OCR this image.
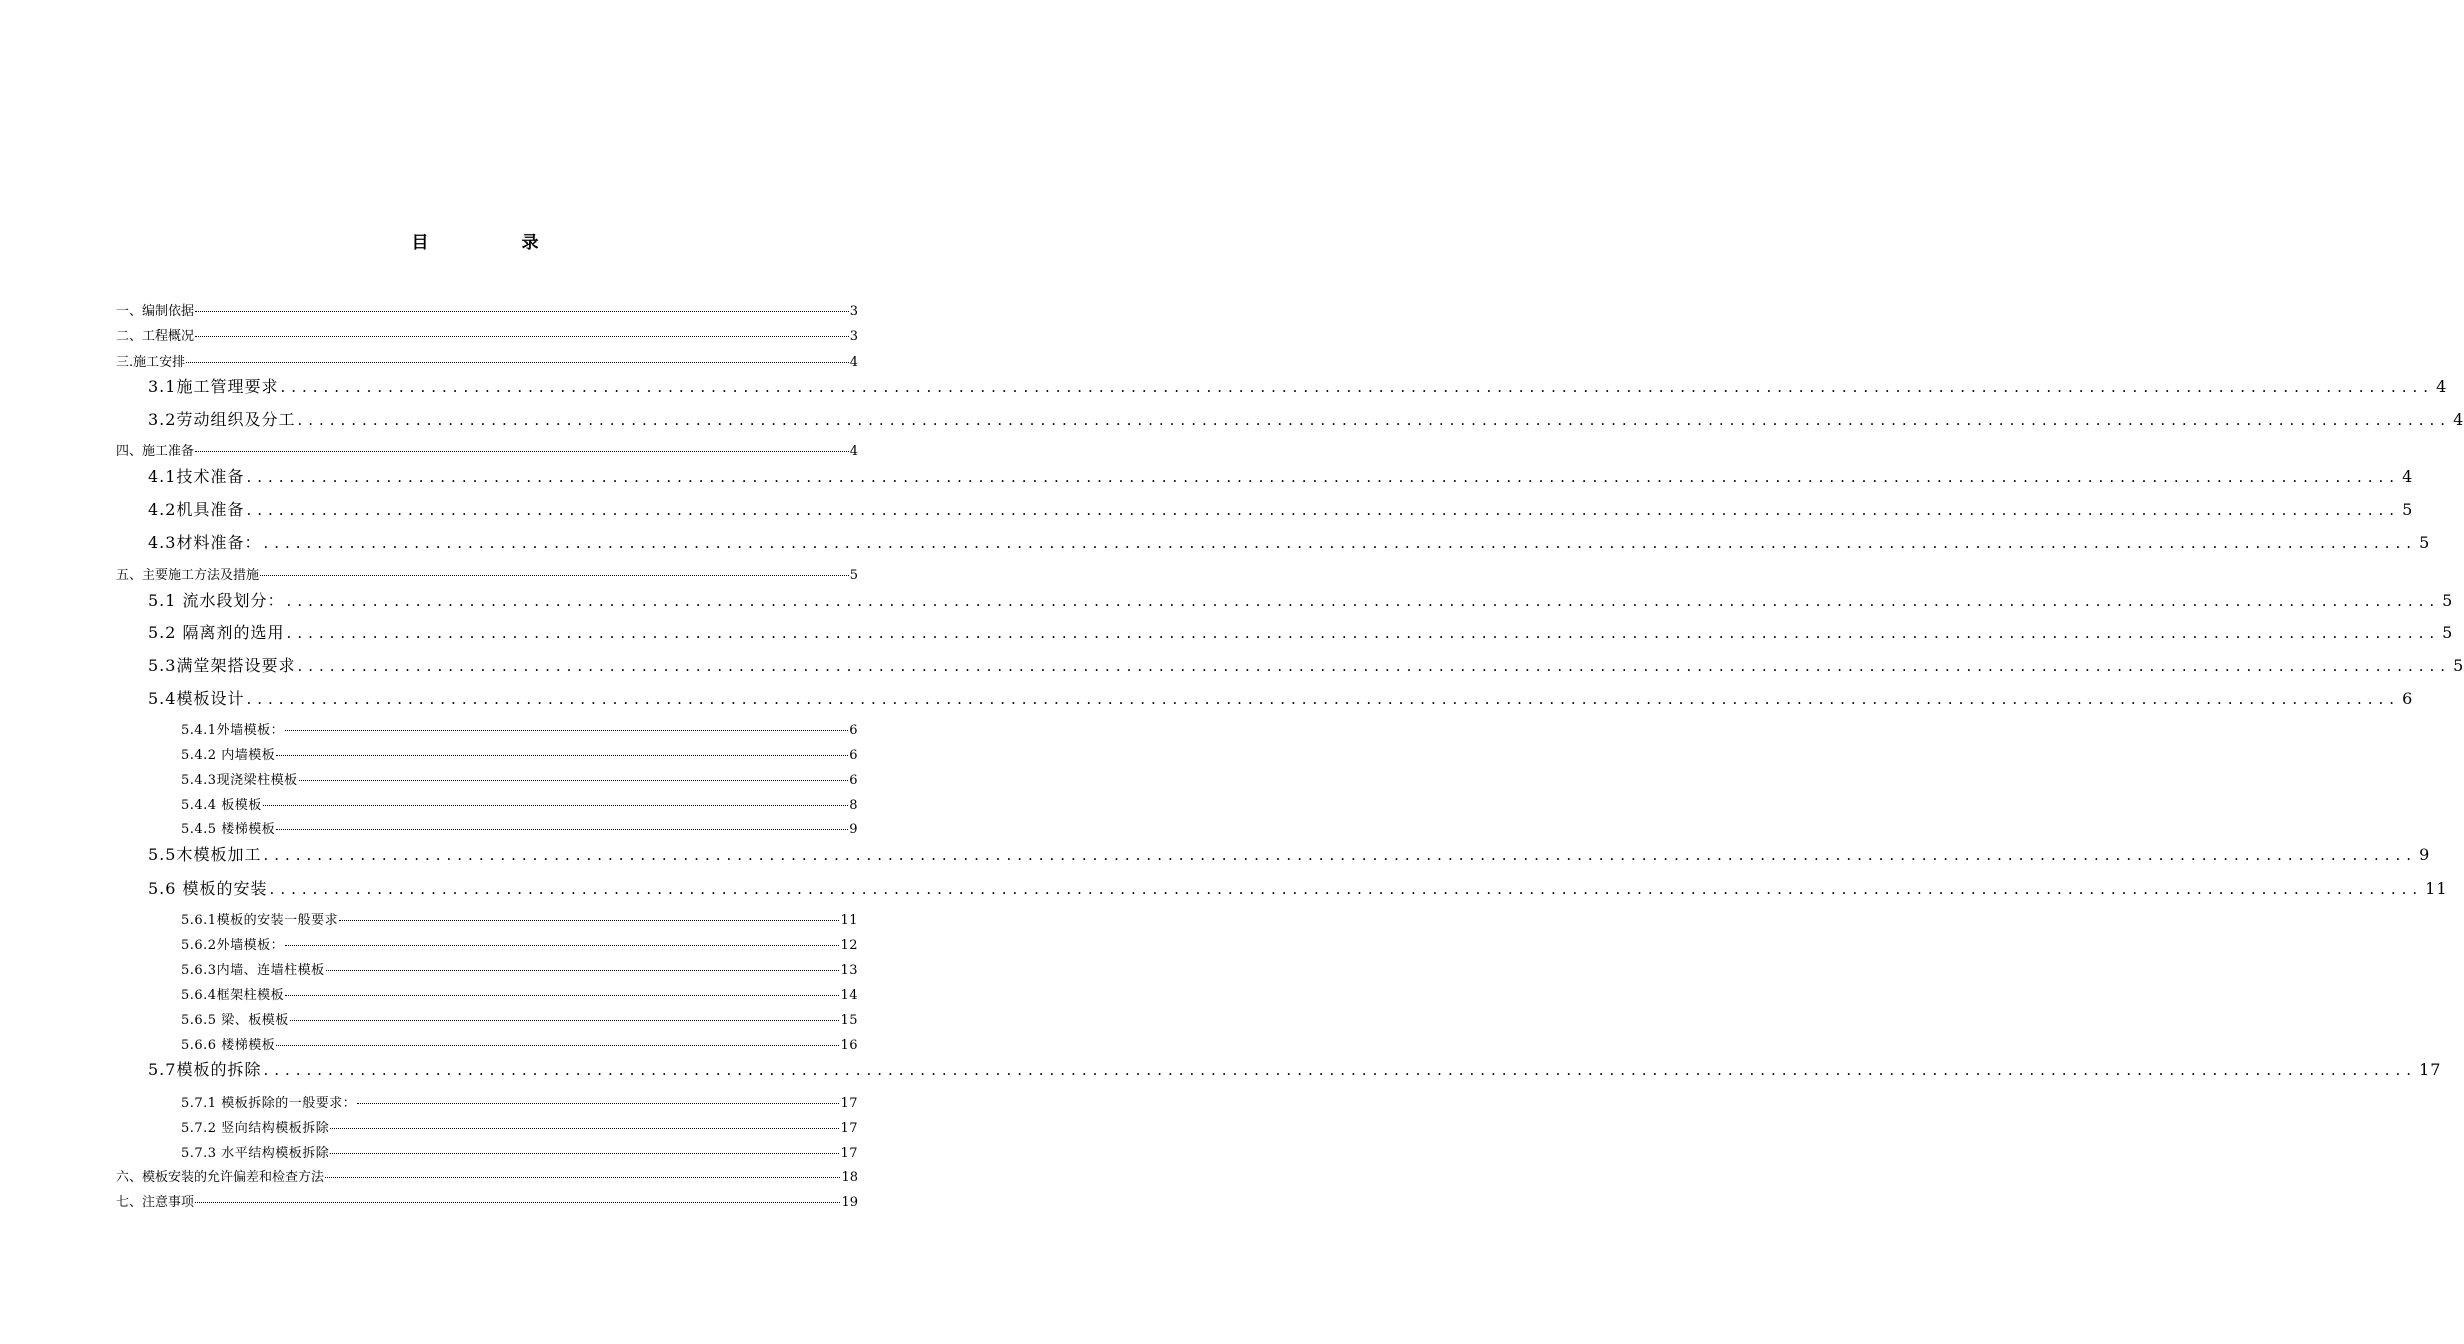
目　录
一、编制依据	3
二、工程概况	3
三.施工安排	4
3.1施工管理要求 ........................................................................................................................................................................................................ 4
3.2劳动组织及分工 ........................................................................................................................................................................................................ 4
四、施工准备	4
4.1技术准备 ........................................................................................................................................................................................................ 4
4.2机具准备 ........................................................................................................................................................................................................ 5
4.3材料准备： ........................................................................................................................................................................................................ 5
五、主要施工方法及措施	5
5.1 流水段划分： ........................................................................................................................................................................................................ 5
5.2 隔离剂的选用 ........................................................................................................................................................................................................ 5
5.3满堂架搭设要求 ........................................................................................................................................................................................................ 5
5.4模板设计 ........................................................................................................................................................................................................ 6
5.4.1外墙模板：	6
5.4.2 内墙模板	6
5.4.3现浇梁柱模板	6
5.4.4 板模板	8
5.4.5 楼梯模板	9
5.5木模板加工 ........................................................................................................................................................................................................ 9
5.6 模板的安装 ........................................................................................................................................................................................................ 11
5.6.1模板的安装一般要求	11
5.6.2外墙模板：	12
5.6.3内墙、连墙柱模板	13
5.6.4框架柱模板	14
5.6.5 梁、板模板	15
5.6.6 楼梯模板	16
5.7模板的拆除 ........................................................................................................................................................................................................ 17
5.7.1 模板拆除的一般要求：	17
5.7.2 竖向结构模板拆除	17
5.7.3 水平结构模板拆除	17
六、模板安装的允许偏差和检查方法	18
七、注意事项	19
